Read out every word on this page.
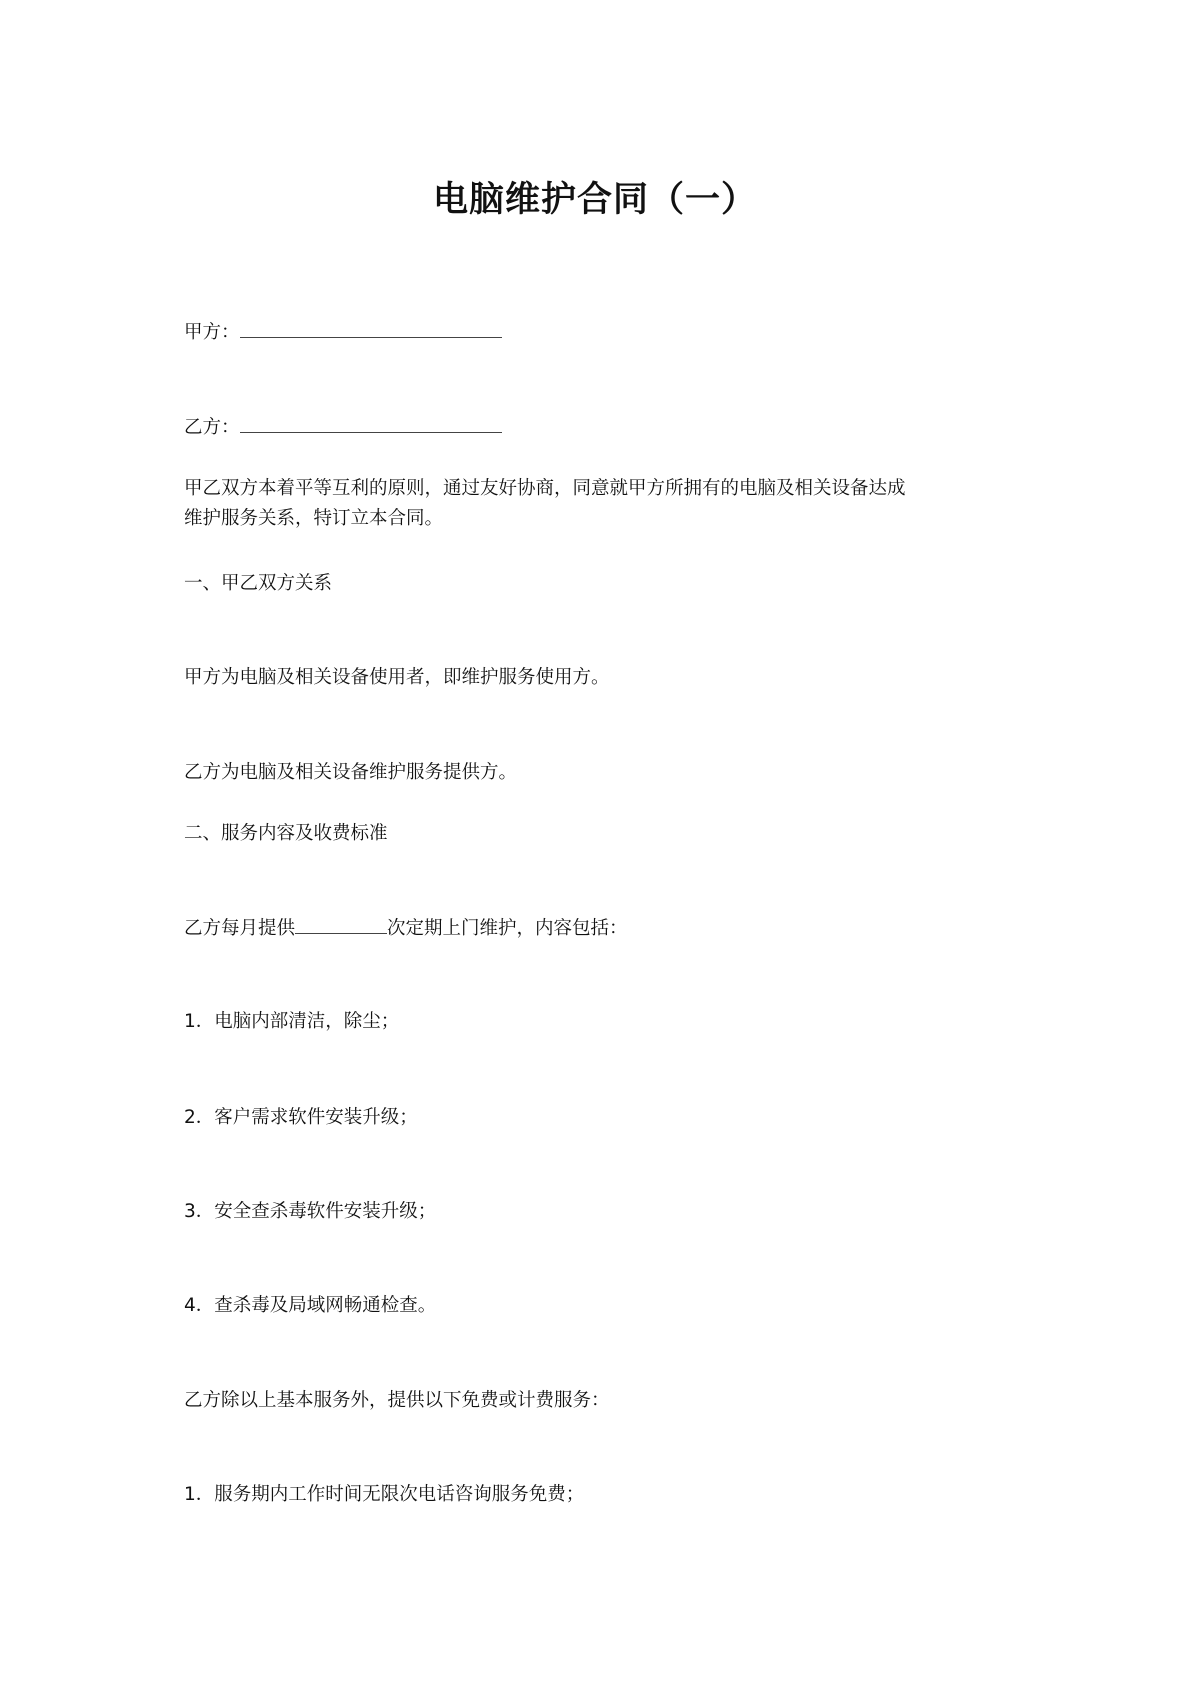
电脑维护合同（一）
甲方：
乙方：
甲乙双方本着平等互利的原则，通过友好协商，同意就甲方所拥有的电脑及相关设备达成
维护服务关系，特订立本合同。
一、甲乙双方关系
甲方为电脑及相关设备使用者，即维护服务使用方。
乙方为电脑及相关设备维护服务提供方。
二、服务内容及收费标准
乙方每月提供	次定期上门维护，内容包括：
1．电脑内部清洁，除尘；
2．客户需求软件安装升级；
3．安全查杀毒软件安装升级；
4．查杀毒及局域网畅通检查。
乙方除以上基本服务外，提供以下免费或计费服务：
1．服务期内工作时间无限次电话咨询服务免费；
